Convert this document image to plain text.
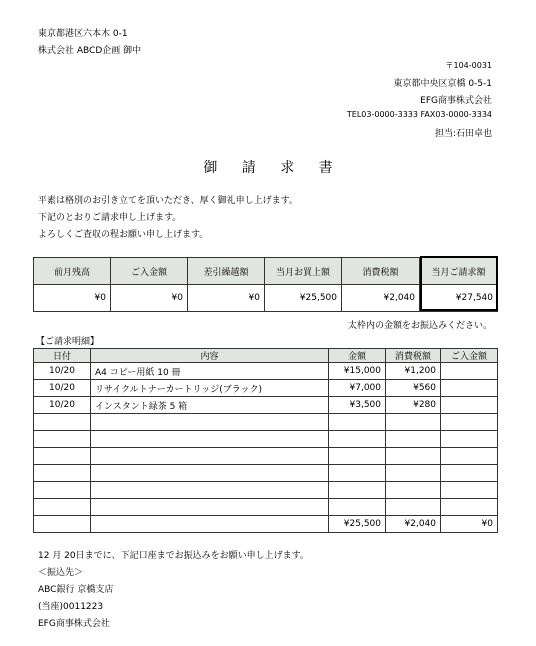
東京都港区六本木 0-1
株式会社 ABCD企画 御中
〒104-0031
東京都中央区京橋 0-5-1
EFG商事株式会社
TEL03-0000-3333 FAX03-0000-3334
担当:石田卓也
御 請 求 書
平素は格別のお引き立てを頂いただき、厚く御礼申し上げます。
下記のとおりご請求申し上げます。
よろしくご査収の程お願い申し上げます。
前月残高	ご入金額	差引繰越額	当月お買上額	消費税額	当月ご請求額
¥0	¥0	¥0	¥25,500	¥2,040	¥27,540
太枠内の金額をお振込みください。
【ご請求明細】
日付	内容	金額	消費税額	ご入金額
10/20	A4 コピー用紙 10 冊	¥15,000	¥1,200	
10/20	リサイクルトナーカートリッジ(ブラック)	¥7,000	¥560	
10/20	インスタント緑茶 5 箱	¥3,500	¥280	

		¥25,500	¥2,040	¥0
12 月 20日までに、下記口座までお振込みをお願い申し上げます。
＜振込先＞
ABC銀行 京橋支店
(当座)0011223
EFG商事株式会社
